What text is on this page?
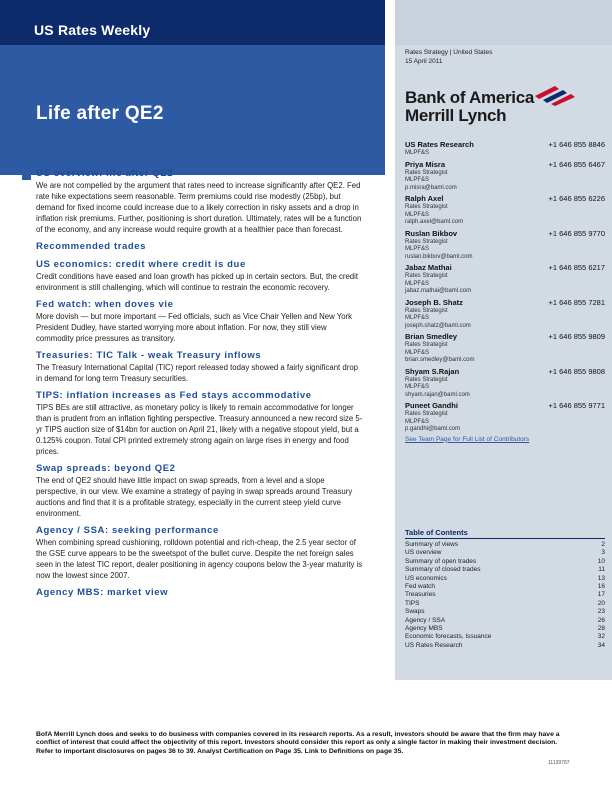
US Rates Weekly
Life after QE2
Rates Strategy | United States
15 April 2011
Bank of America
Merrill Lynch
US Rates Research	+1 646 855 8846
MLPF&S
Priya Misra	+1 646 855 6467
Rates Strategist
MLPF&S
p.misra@baml.com
Ralph Axel	+1 646 855 6226
Rates Strategist
MLPF&S
ralph.axel@baml.com
Ruslan Bikbov	+1 646 855 9770
Rates Strategist
MLPF&S
ruslan.bikbov@baml.com
Jabaz Mathai	+1 646 855 6217
Rates Strategist
MLPF&S
jabaz.mathai@baml.com
Joseph B. Shatz	+1 646 855 7281
Rates Strategist
MLPF&S
joseph.shatz@baml.com
Brian Smedley	+1 646 855 9809
Rates Strategist
MLPF&S
brian.smedley@baml.com
Shyam S.Rajan	+1 646 855 9808
Rates Strategist
MLPF&S
shyam.rajan@baml.com
Puneet Gandhi	+1 646 855 9771
Rates Strategist
MLPF&S
p.gandhi@baml.com
See Team Page for Full List of Contributors
Table of Contents
Summary of views	2
US overview	3
Summary of open trades	10
Summary of closed trades	11
US economics	13
Fed watch	16
Treasuries	17
TIPS	20
Swaps	23
Agency / SSA	26
Agency MBS	28
Economic forecasts, Issuance	32
US Rates Research	34
US overview: life after QE2
We are not compelled by the argument that rates need to increase significantly after QE2. Fed rate hike expectations seem reasonable. Term premiums could rise modestly (25bp), but demand for fixed income could increase due to a likely correction in risky assets and a drop in inflation risk premiums. Further, positioning is short duration. Ultimately, rates will be a function of the economy, and any increase would require growth at a healthier pace than forecast.
Recommended trades
US economics: credit where credit is due
Credit conditions have eased and loan growth has picked up in certain sectors. But, the credit environment is still challenging, which will continue to restrain the economic recovery.
Fed watch: when doves vie
More dovish — but more important — Fed officials, such as Vice Chair Yellen and New York President Dudley, have started worrying more about inflation. For now, they still view commodity price pressures as transitory.
Treasuries: TIC Talk - weak Treasury inflows
The Treasury International Capital (TIC) report released today showed a fairly significant drop in demand for long term Treasury securities.
TIPS: inflation increases as Fed stays accommodative
TIPS BEs are still attractive, as monetary policy is likely to remain accommodative for longer than is prudent from an inflation fighting perspective. Treasury announced a new record size 5-yr TIPS auction size of $14bn for auction on April 21, likely with a negative stopout yield, but a 0.125% coupon. Total CPI printed extremely strong again on large rises in energy and food prices.
Swap spreads: beyond QE2
The end of QE2 should have little impact on swap spreads, from a level and a slope perspective, in our view. We examine a strategy of paying in swap spreads around Treasury auctions and find that it is a profitable strategy, especially in the current steep yield curve environment.
Agency / SSA: seeking performance
When combining spread cushioning, rolldown potential and rich-cheap, the 2.5 year sector of the GSE curve appears to be the sweetspot of the bullet curve. Despite the net foreign sales seen in the latest TIC report, dealer positioning in agency coupons below the 3-year maturity is now the lowest since 2007.
Agency MBS: market view
BofA Merrill Lynch does and seeks to do business with companies covered in its research reports. As a result, investors should be aware that the firm may have a conflict of interest that could affect the objectivity of this report. Investors should consider this report as only a single factor in making their investment decision.
Refer to important disclosures on pages 36 to 39. Analyst Certification on Page 35. Link to Definitions on page 35.
11139787
